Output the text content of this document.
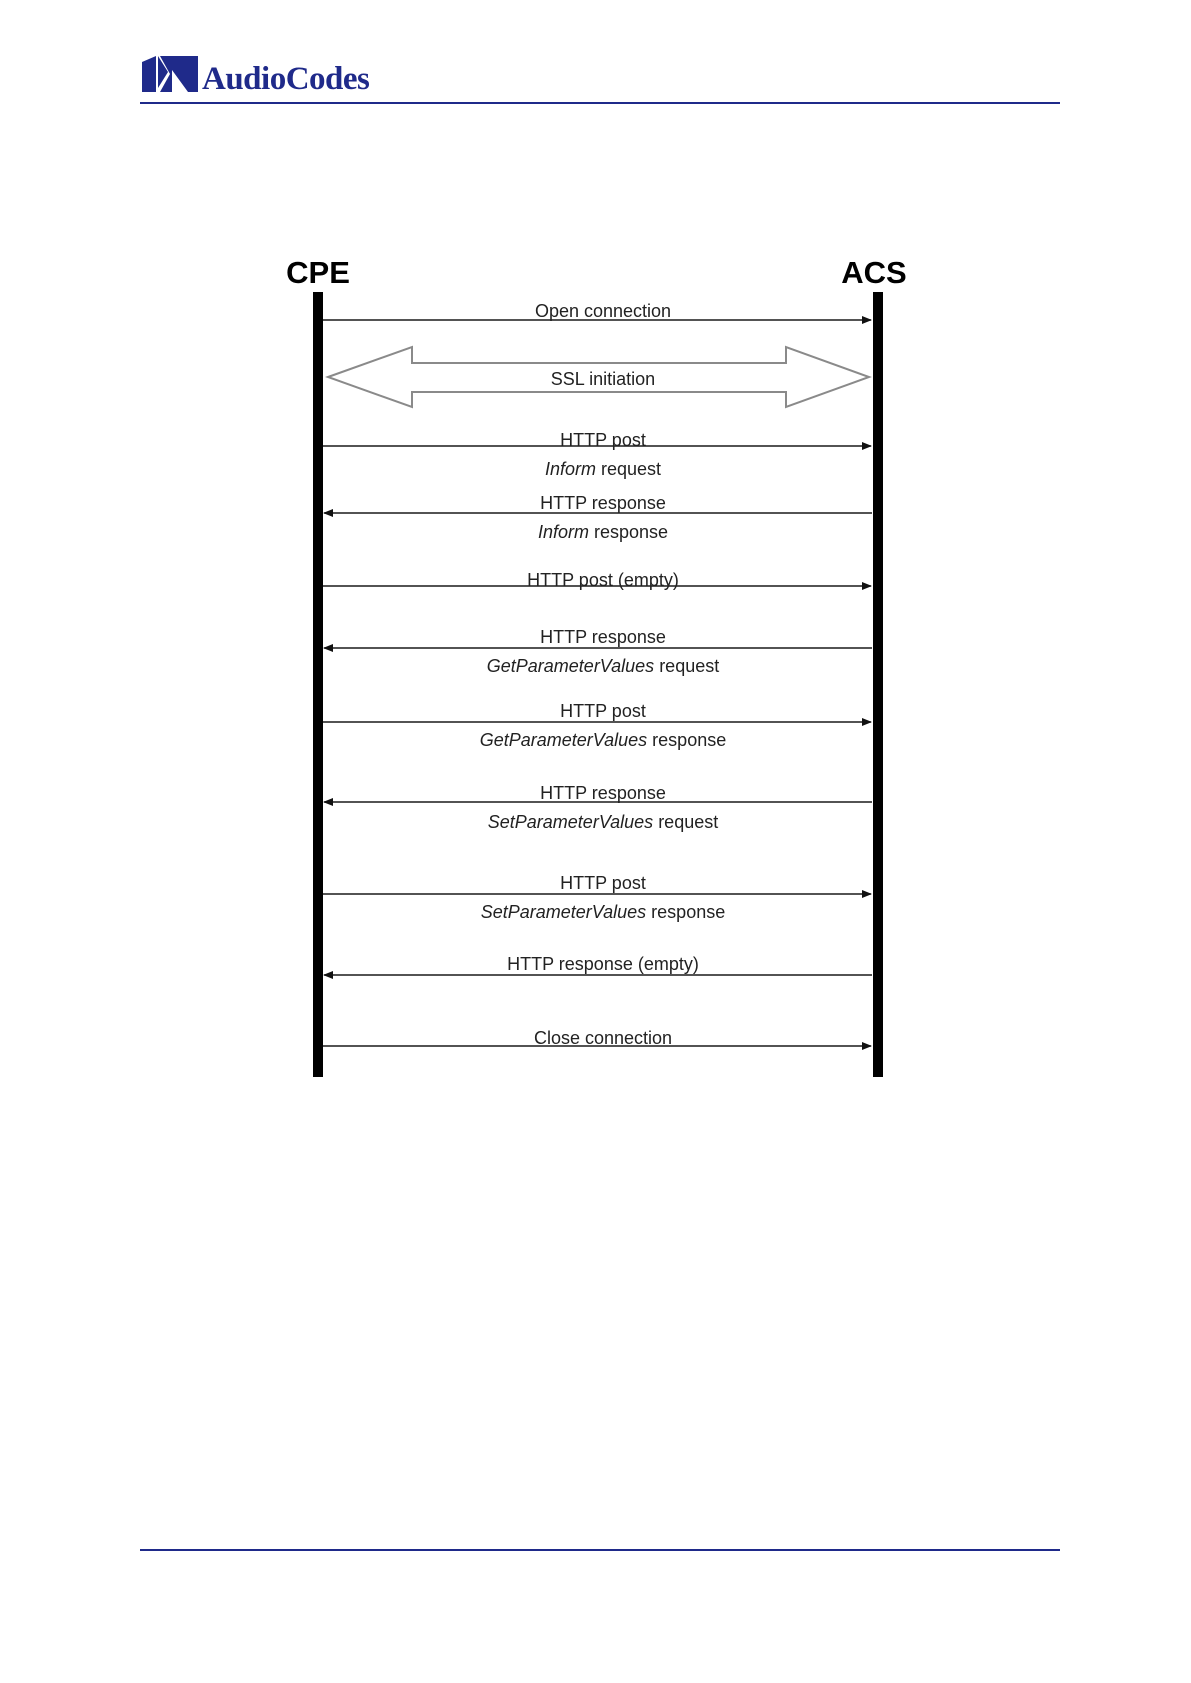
AudioCodes
CPE	ACS
Open connection
SSL initiation
HTTP post
Inform request
HTTP response
Inform response
HTTP post (empty)
HTTP response
GetParameterValues request
HTTP post
GetParameterValues response
HTTP response
SetParameterValues request
HTTP post
SetParameterValues response
HTTP response (empty)
Close connection
